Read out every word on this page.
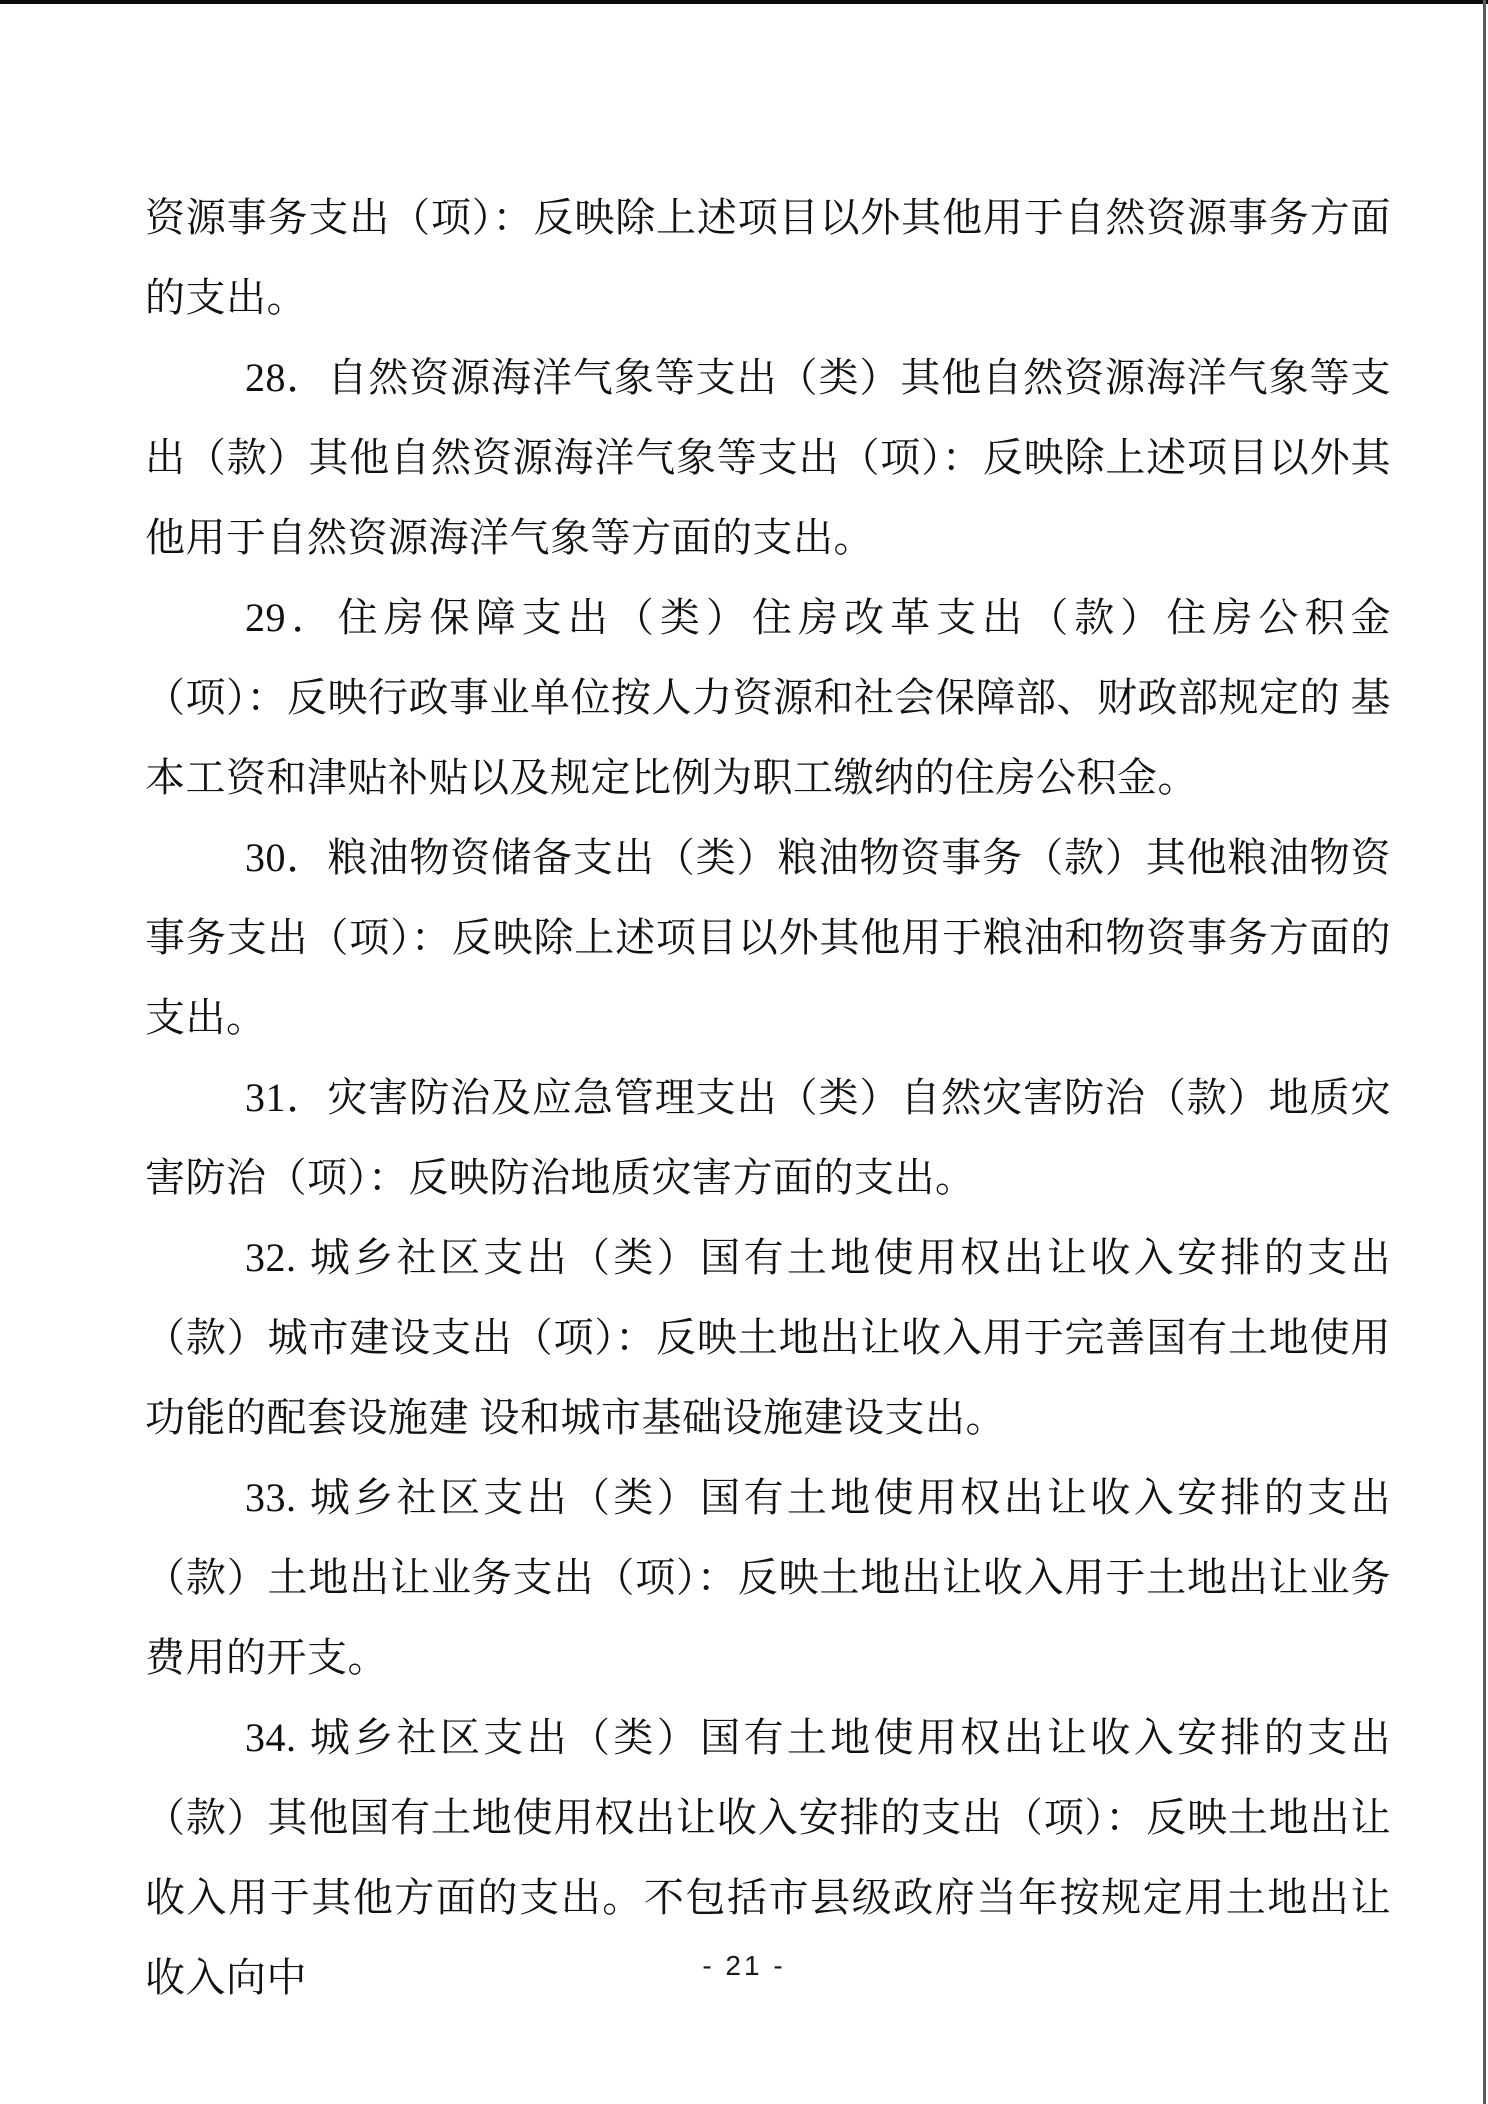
资源事务支出（项）：反映除上述项目以外其他用于自然资源事务方面的支出。

28．自然资源海洋气象等支出（类）其他自然资源海洋气象等支出（款）其他自然资源海洋气象等支出（项）：反映除上述项目以外其他用于自然资源海洋气象等方面的支出。

29．住房保障支出（类）住房改革支出（款）住房公积金（项）：反映行政事业单位按人力资源和社会保障部、财政部规定的 基本工资和津贴补贴以及规定比例为职工缴纳的住房公积金。

30．粮油物资储备支出（类）粮油物资事务（款）其他粮油物资事务支出（项）：反映除上述项目以外其他用于粮油和物资事务方面的支出。

31．灾害防治及应急管理支出（类）自然灾害防治（款）地质灾害防治（项）：反映防治地质灾害方面的支出。

32. 城乡社区支出（类）国有土地使用权出让收入安排的支出（款）城市建设支出（项）：反映土地出让收入用于完善国有土地使用功能的配套设施建 设和城市基础设施建设支出。

33. 城乡社区支出（类）国有土地使用权出让收入安排的支出（款）土地出让业务支出（项）：反映土地出让收入用于土地出让业务费用的开支。

34. 城乡社区支出（类）国有土地使用权出让收入安排的支出（款）其他国有土地使用权出让收入安排的支出（项）：反映土地出让收入用于其他方面的支出。不包括市县级政府当年按规定用土地出让收入向中	- 21 -
